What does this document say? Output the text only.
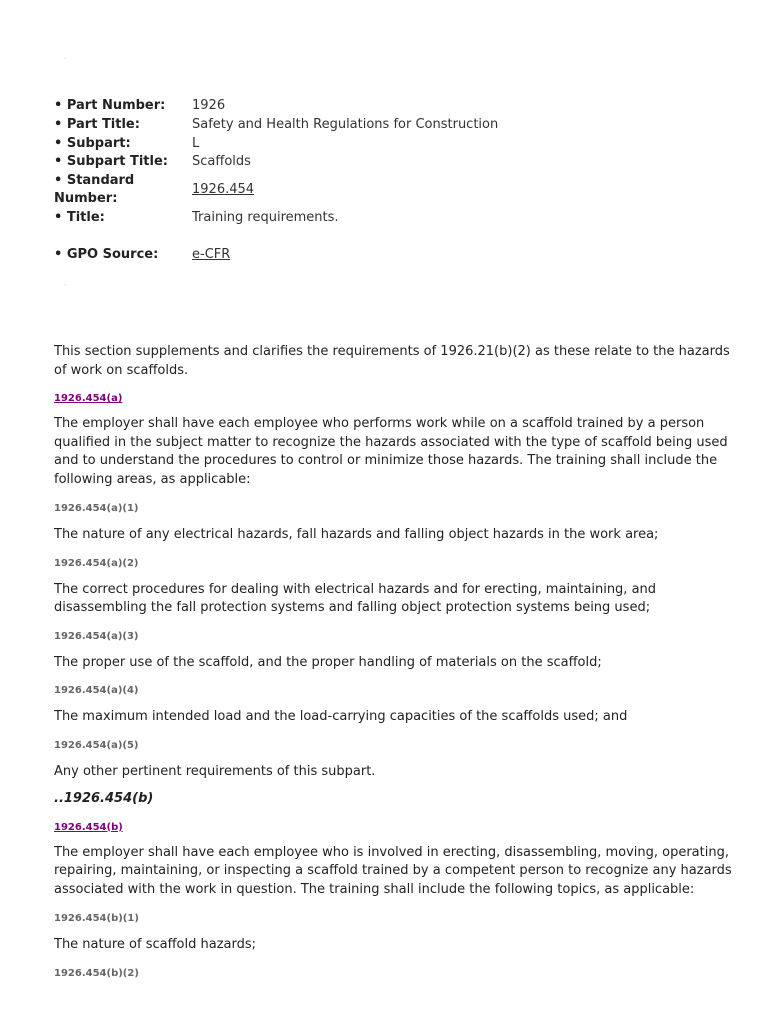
.
• Part Number:	1926
• Part Title:	Safety and Health Regulations for Construction
• Subpart:	L
• Subpart Title:	Scaffolds
• Standard
Number:
1926.454
• Title:	Training requirements.
• GPO Source:	e-CFR
.

This section supplements and clarifies the requirements of 1926.21(b)(2) as these relate to the hazards of work on scaffolds.

1926.454(a)

The employer shall have each employee who performs work while on a scaffold trained by a person qualified in the subject matter to recognize the hazards associated with the type of scaffold being used and to understand the procedures to control or minimize those hazards. The training shall include the following areas, as applicable:

1926.454(a)(1)

The nature of any electrical hazards, fall hazards and falling object hazards in the work area;

1926.454(a)(2)

The correct procedures for dealing with electrical hazards and for erecting, maintaining, and disassembling the fall protection systems and falling object protection systems being used;

1926.454(a)(3)

The proper use of the scaffold, and the proper handling of materials on the scaffold;

1926.454(a)(4)

The maximum intended load and the load-carrying capacities of the scaffolds used; and

1926.454(a)(5)

Any other pertinent requirements of this subpart.

..1926.454(b)

1926.454(b)

The employer shall have each employee who is involved in erecting, disassembling, moving, operating, repairing, maintaining, or inspecting a scaffold trained by a competent person to recognize any hazards associated with the work in question. The training shall include the following topics, as applicable:

1926.454(b)(1)

The nature of scaffold hazards;

1926.454(b)(2)
